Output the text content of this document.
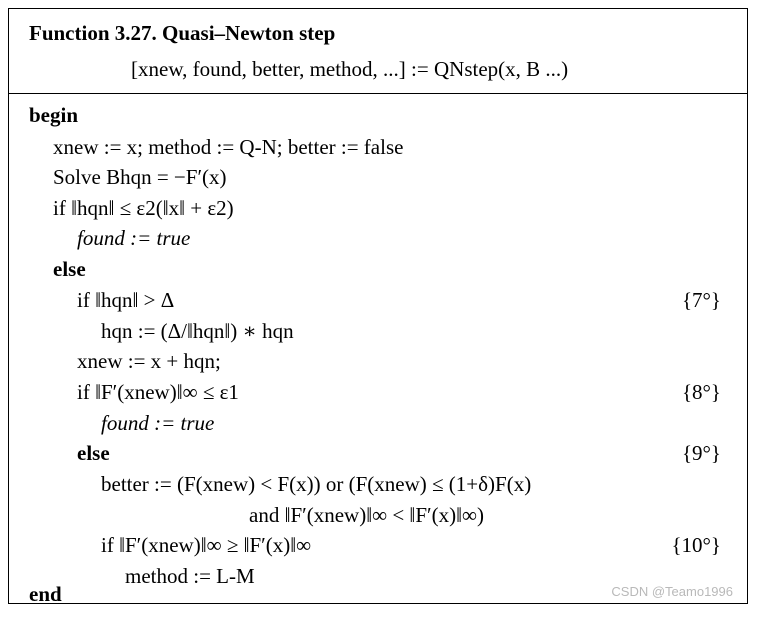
Function 3.27. Quasi–Newton step
[xnew, found, better, method, ...] := QNstep(x, B ...)
begin
xnew := x; method := Q-N; better := false
Solve Bhqn = −F′(x)
if ‖hqn‖ ≤ ε2(‖x‖ + ε2)
found := true
else
if ‖hqn‖ > Δ	{7°}
hqn := (Δ/‖hqn‖) ∗ hqn
xnew := x + hqn;
if ‖F′(xnew)‖∞ ≤ ε1	{8°}
found := true
else	{9°}
better := (F(xnew) < F(x)) or (F(xnew) ≤ (1+δ)F(x)
and ‖F′(xnew)‖∞ < ‖F′(x)‖∞)
if ‖F′(xnew)‖∞ ≥ ‖F′(x)‖∞	{10°}
method := L-M
end	CSDN @Teamo1996
